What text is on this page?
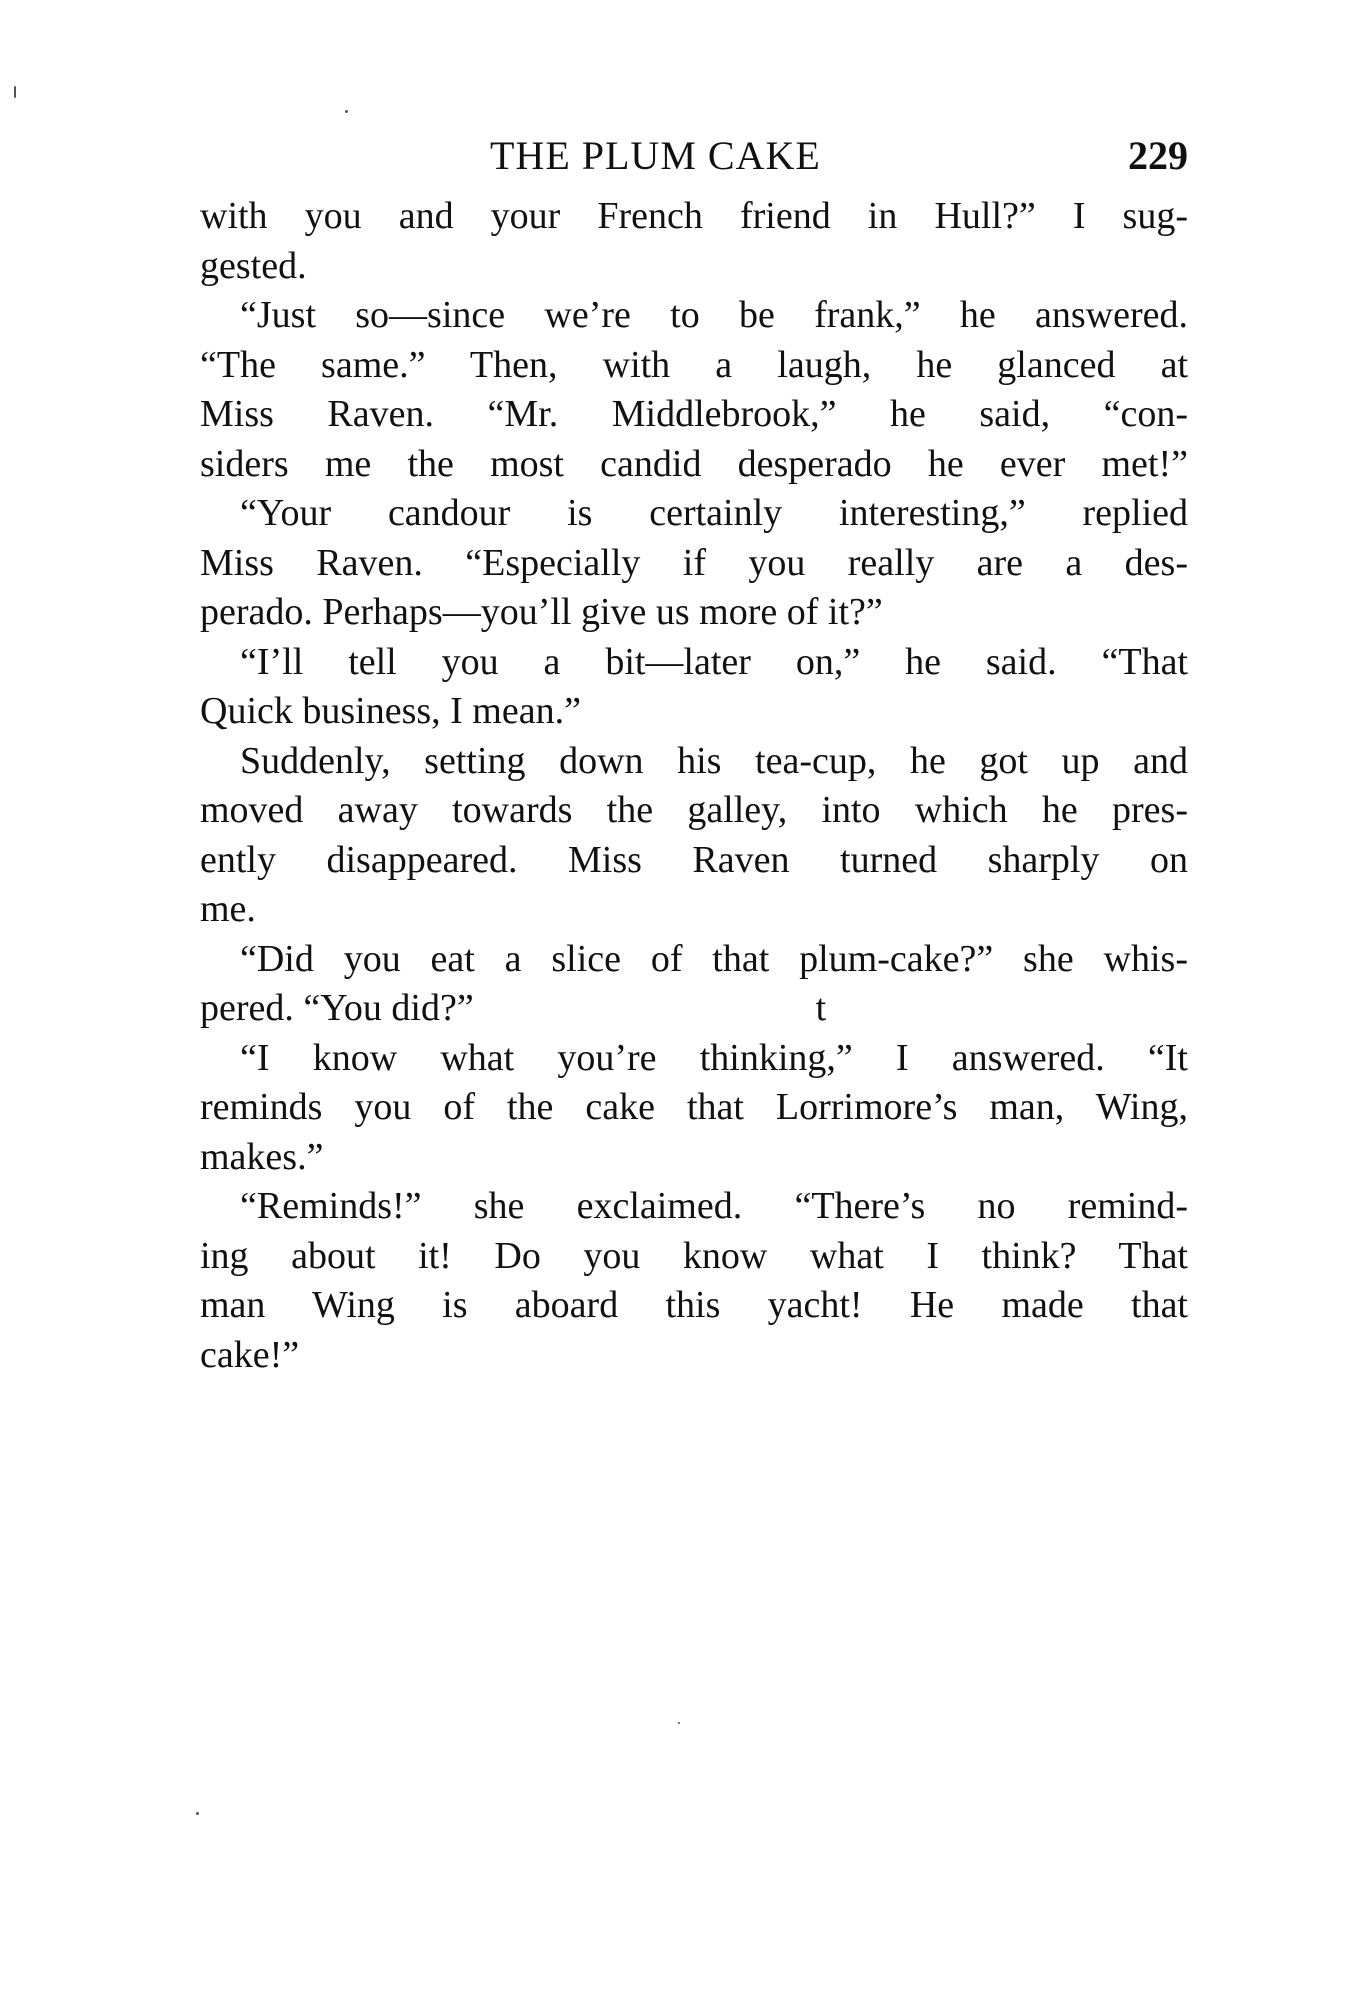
THE PLUM CAKE	229
with you and your French friend in Hull?” I sug-
gested.
“Just so—since we’re to be frank,” he answered.
“The same.” Then, with a laugh, he glanced at
Miss Raven. “Mr. Middlebrook,” he said, “con-
siders me the most candid desperado he ever met!”
“Your candour is certainly interesting,” replied
Miss Raven. “Especially if you really are a des-
perado. Perhaps—you’ll give us more of it?”
“I’ll tell you a bit—later on,” he said. “That
Quick business, I mean.”
Suddenly, setting down his tea-cup, he got up and
moved away towards the galley, into which he pres-
ently disappeared. Miss Raven turned sharply on
me.
“Did you eat a slice of that plum-cake?” she whis-
pered. “You did?”                                    t
“I know what you’re thinking,” I answered. “It
reminds you of the cake that Lorrimore’s man, Wing,
makes.”
“Reminds!” she exclaimed. “There’s no remind-
ing about it! Do you know what I think? That
man Wing is aboard this yacht! He made that
cake!”
